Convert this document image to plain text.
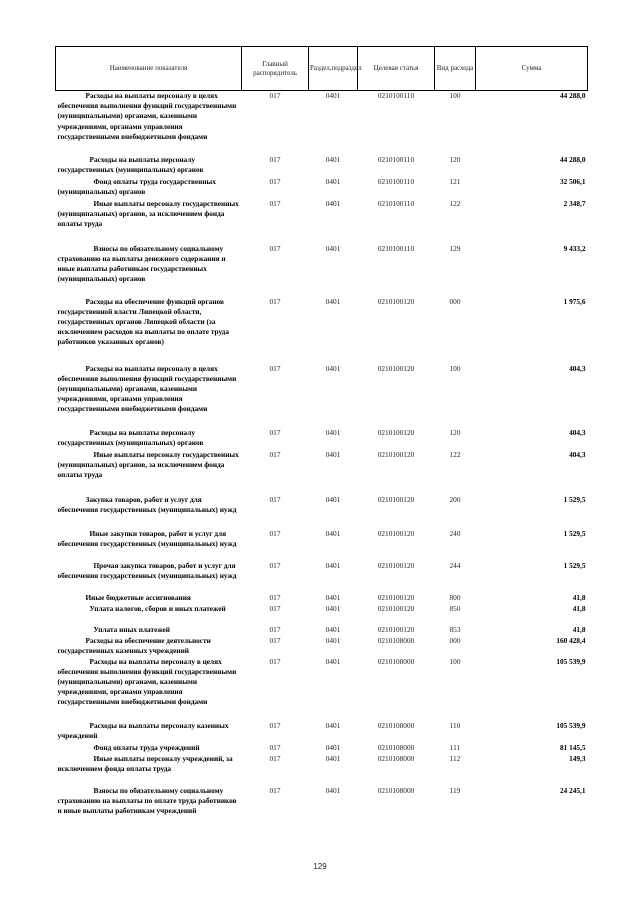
Наименование показателя	Главный распорядитель	Раздел,подраздел	Целевая статья	Вид расхода	Сумма

Расходы на выплаты персоналу в целях обеспечения выполнения функций государственными (муниципальными) органами, казенными учреждениями, органами управления государственными внебюджетными фондами	017	0401	0210100110	100	44 288,0

Расходы на выплаты персоналу государственных (муниципальных) органов	017	0401	0210100110	120	44 288,0

Фонд оплаты труда государственных (муниципальных) органов	017	0401	0210100110	121	32 506,1

Иные выплаты персоналу государственных (муниципальных) органов, за исключением фонда оплаты труда	017	0401	0210100110	122	2 348,7

Взносы по обязательному социальному страхованию на выплаты денежного содержания и иные выплаты работникам государственных (муниципальных) органов	017	0401	0210100110	129	9 433,2

Расходы на обеспечение функций органов государственной власти Липецкой области, государственных органов Липецкой области (за исключением расходов на выплаты по оплате труда работников указанных органов)	017	0401	0210100120	000	1 975,6

Расходы на выплаты персоналу в целях обеспечения выполнения функций государственными (муниципальными) органами, казенными учреждениями, органами управления государственными внебюджетными фондами	017	0401	0210100120	100	404,3

Расходы на выплаты персоналу государственных (муниципальных) органов	017	0401	0210100120	120	404,3

Иные выплаты персоналу государственных (муниципальных) органов, за исключением фонда оплаты труда	017	0401	0210100120	122	404,3

Закупка товаров, работ и услуг для обеспечения государственных (муниципальных) нужд	017	0401	0210100120	200	1 529,5

Иные закупки товаров, работ и услуг для обеспечения государственных (муниципальных) нужд	017	0401	0210100120	240	1 529,5

Прочая закупка товаров, работ и услуг для обеспечения государственных (муниципальных) нужд	017	0401	0210100120	244	1 529,5

Иные бюджетные ассигнования	017	0401	0210100120	800	41,8

Уплата налогов, сборов и иных платежей	017	0401	0210100120	850	41,8

Уплата иных платежей	017	0401	0210100120	853	41,8

Расходы на обеспечение деятельности государственных казенных учреждений	017	0401	0210108000	000	160 428,4

Расходы на выплаты персоналу в целях обеспечения выполнения функций государственными (муниципальными) органами, казенными учреждениями, органами управления государственными внебюджетными фондами	017	0401	0210108000	100	105 539,9

Расходы на выплаты персоналу казенных учреждений	017	0401	0210108000	110	105 539,9

Фонд оплаты труда учреждений	017	0401	0210108000	111	81 145,5

Иные выплаты персоналу учреждений, за исключением фонда оплаты труда	017	0401	0210108000	112	149,3

Взносы по обязательному социальному страхованию на выплаты по оплате труда работников и иные выплаты работникам учреждений	017	0401	0210108000	119	24 245,1
129
